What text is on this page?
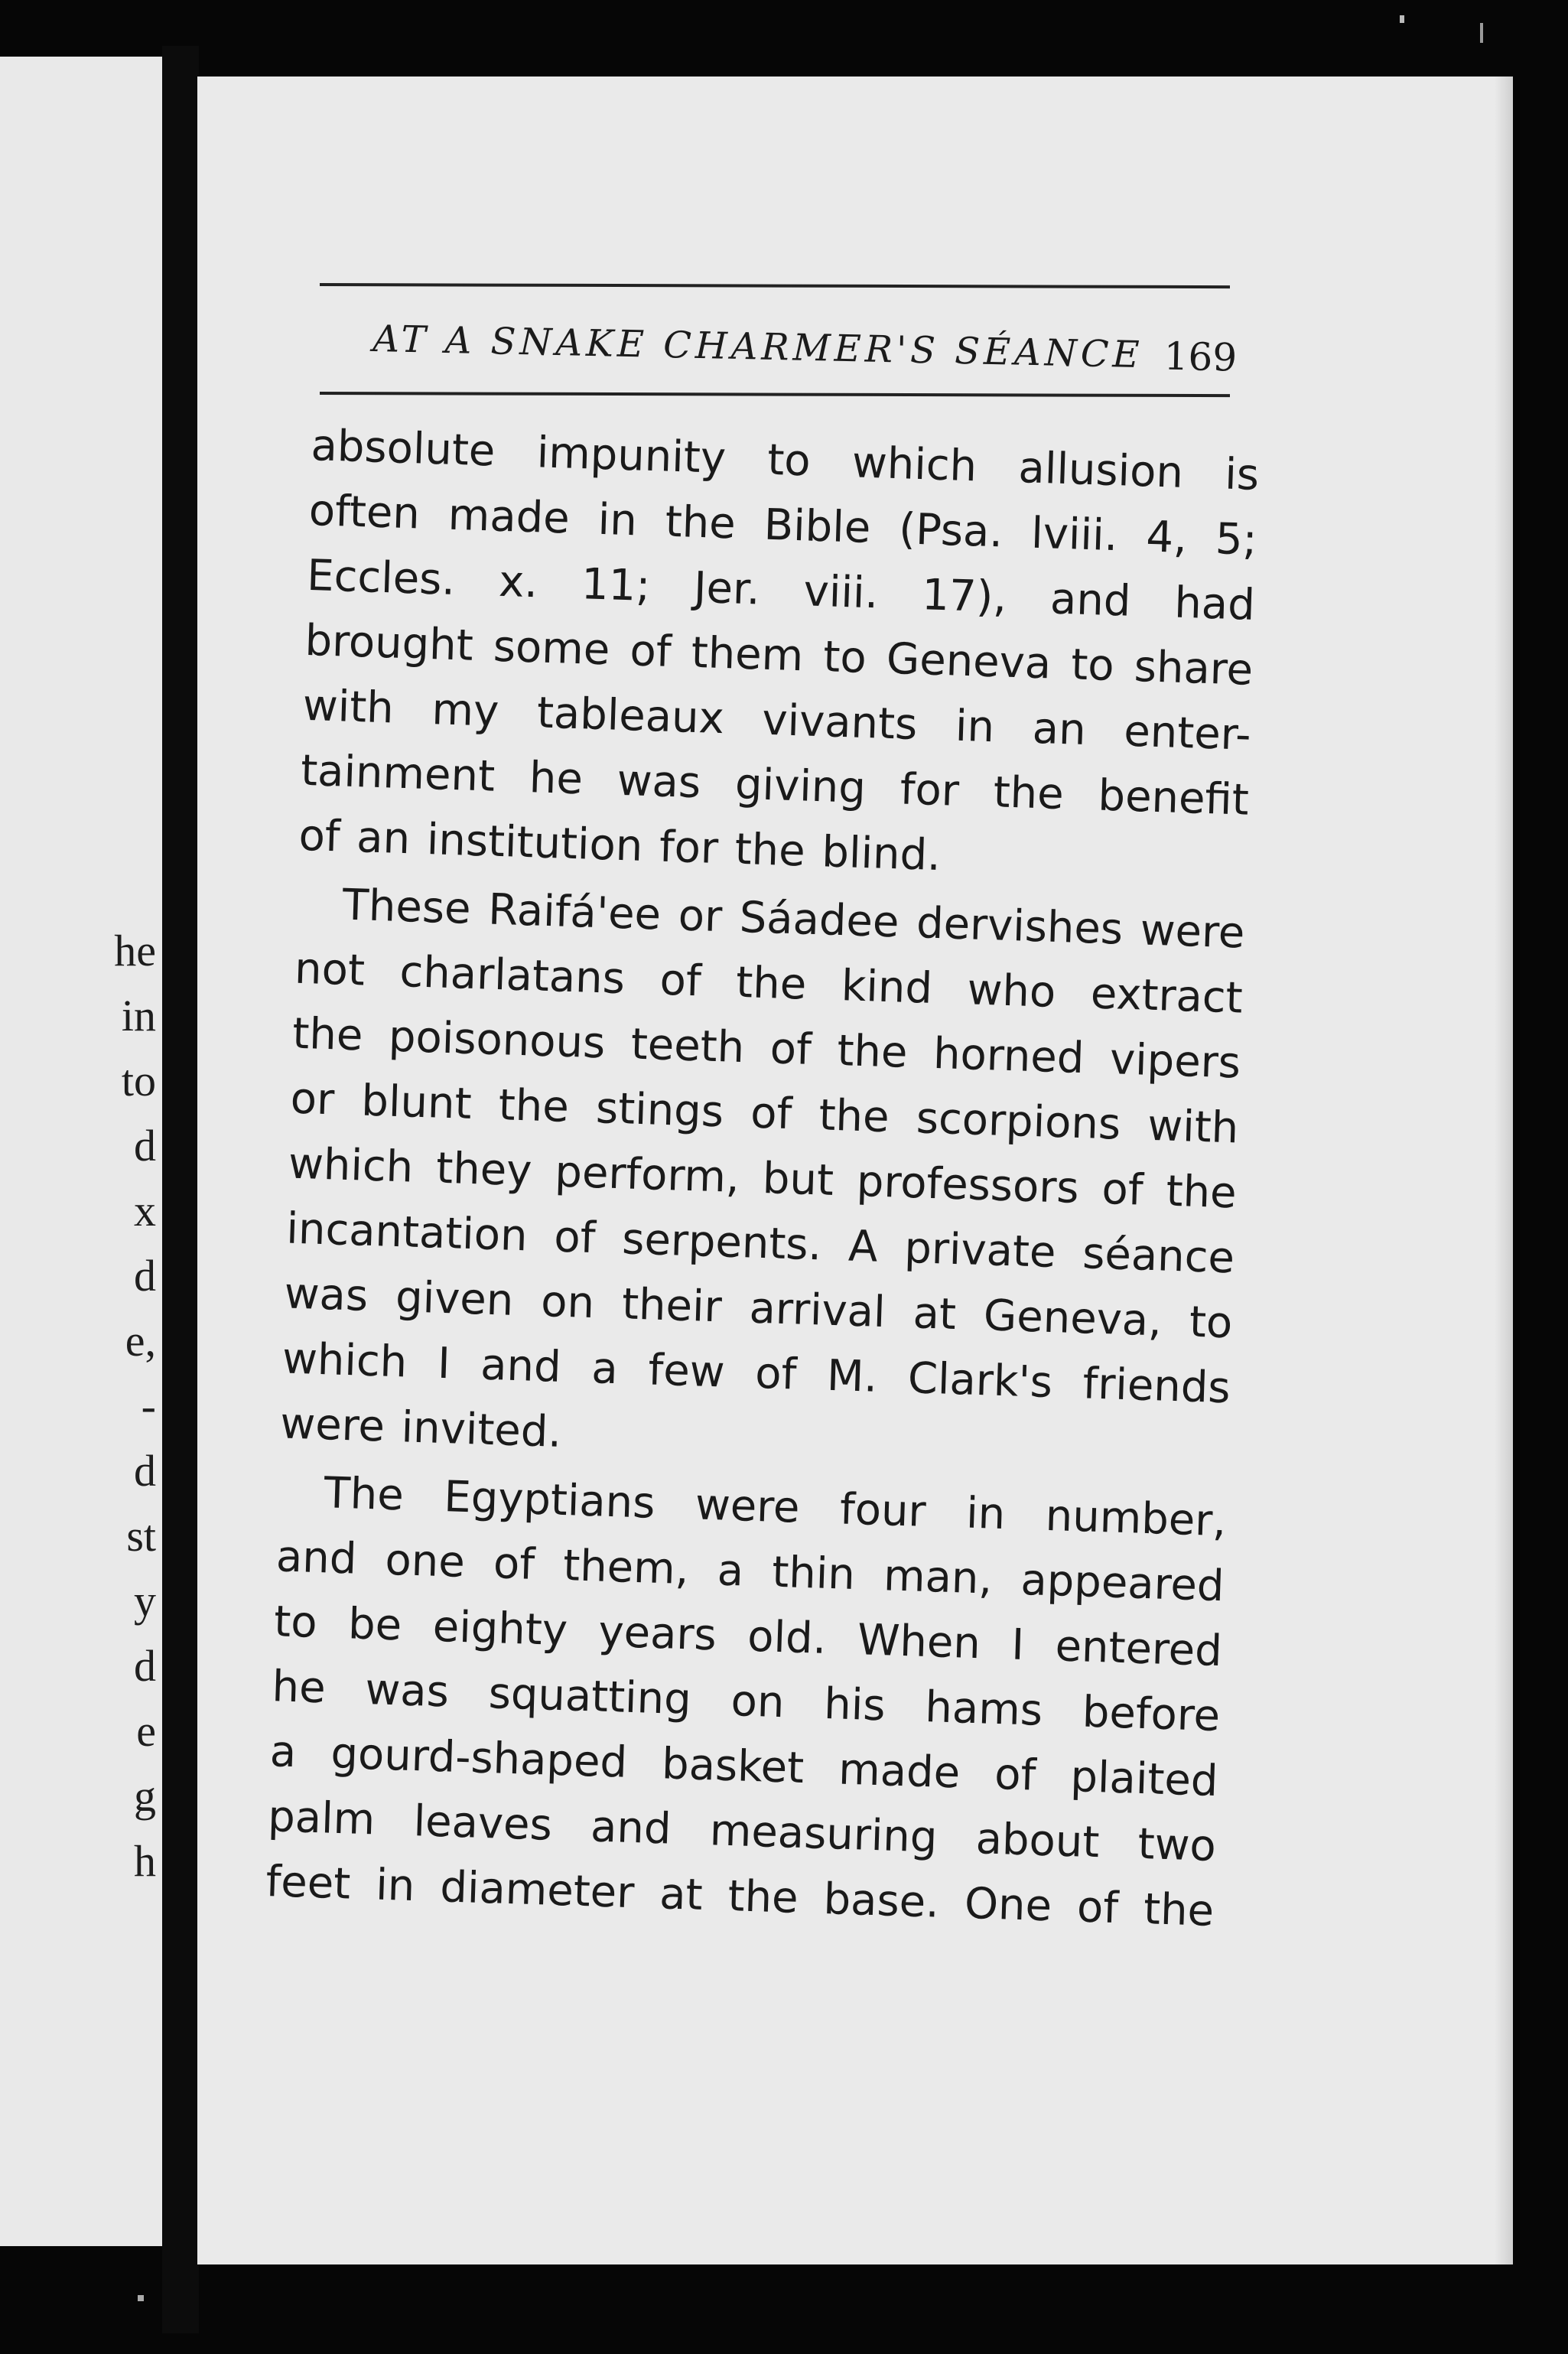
he
in
to
d
x
d
e,
-
d
st
y
d
e
g
h
AT A SNAKE CHARMER'S SÉANCE 169

absolute impunity to which allusion is
often made in the Bible (Psa. lviii. 4, 5;
Eccles. x. 11; Jer. viii. 17), and had
brought some of them to Geneva to share
with my tableaux vivants in an enter-
tainment he was giving for the benefit
of an institution for the blind.

These Raifá'ee or Sáadee dervishes were
not charlatans of the kind who extract
the poisonous teeth of the horned vipers
or blunt the stings of the scorpions with
which they perform, but professors of the
incantation of serpents. A private séance
was given on their arrival at Geneva, to
which I and a few of M. Clark's friends
were invited.

The Egyptians were four in number,
and one of them, a thin man, appeared
to be eighty years old. When I entered
he was squatting on his hams before
a gourd-shaped basket made of plaited
palm leaves and measuring about two
feet in diameter at the base. One of the
